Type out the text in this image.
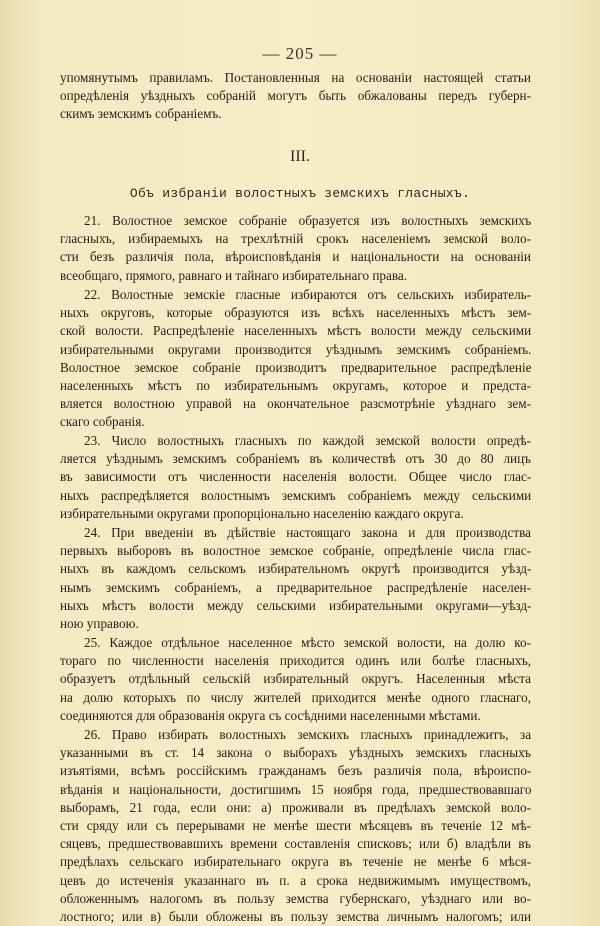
— 205 —
упомянутымъ правиламъ. Постановленныя на основаніи настоящей статьи
опредѣленія уѣздныхъ собраній могутъ быть обжалованы передъ губерн-
скимъ земскимъ собраніемъ.
III.
Объ избраніи волостныхъ земскихъ гласныхъ.
21. Волостное земское собраніе образуется изъ волостныхъ земскихъ
гласныхъ, избираемыхъ на трехлѣтній срокъ населеніемъ земской воло-
сти безъ различія пола, вѣроисповѣданія и національности на основаніи
всеобщаго, прямого, равнаго и тайнаго избирательнаго права.
22. Волостные земскіе гласные избираются отъ сельскихъ избиратель-
ныхъ округовъ, которые образуются изъ всѣхъ населенныхъ мѣстъ зем-
ской волости. Распредѣленіе населенныхъ мѣстъ волости между сельскими
избирательными округами производится уѣзднымъ земскимъ собраніемъ.
Волостное земское собраніе производитъ предварительное распредѣленіе
населенныхъ мѣстъ по избирательнымъ округамъ, которое и предста-
вляется волостною управой на окончательное разсмотрѣніе уѣзднаго зем-
скаго собранія.
23. Число волостныхъ гласныхъ по каждой земской волости опредѣ-
ляется уѣзднымъ земскимъ собраніемъ въ количествѣ отъ 30 до 80 лицъ
въ зависимости отъ численности населенія волости. Общее число глас-
ныхъ распредѣляется волостнымъ земскимъ собраніемъ между сельскими
избирательными округами пропорціонально населенію каждаго округа.
24. При введеніи въ дѣйствіе настоящаго закона и для производства
первыхъ выборовъ въ волостное земское собраніе, опредѣленіе числа глас-
ныхъ въ каждомъ сельскомъ избирательномъ округѣ производится уѣзд-
нымъ земскимъ собраніемъ, а предварительное распредѣленіе населен-
ныхъ мѣстъ волости между сельскими избирательными округами—уѣзд-
ною управою.
25. Каждое отдѣльное населенное мѣсто земской волости, на долю ко-
тораго по численности населенія приходится одинъ или болѣе гласныхъ,
образуетъ отдѣльный сельскій избирательный округъ. Населенныя мѣста
на долю которыхъ по числу жителей приходится менѣе одного гласнаго,
соединяются для образованія округа съ сосѣдними населенными мѣстами.
26. Право избирать волостныхъ земскихъ гласныхъ принадлежитъ, за
указанными въ ст. 14 закона о выборахъ уѣздныхъ земскихъ гласныхъ
изъятіями, всѣмъ россійскимъ гражданамъ безъ различія пола, вѣроиспо-
вѣданія и національности, достигшимъ 15 ноября года, предшествовавшаго
выборамъ, 21 года, если они: а) проживали въ предѣлахъ земской воло-
сти сряду или съ перерывами не менѣе шести мѣсяцевъ въ теченіе 12 мѣ-
сяцевъ, предшествовавшихъ времени составленія списковъ; или б) владѣли въ
предѣлахъ сельскаго избирательнаго округа въ теченіе не менѣе 6 мѣся-
цевъ до истеченія указаннаго въ п. а срока недвижимымъ имуществомъ,
обложеннымъ налогомъ въ пользу земства губернскаго, уѣзднаго или во-
лостного; или в) были обложены въ пользу земства личнымъ налогомъ; или
